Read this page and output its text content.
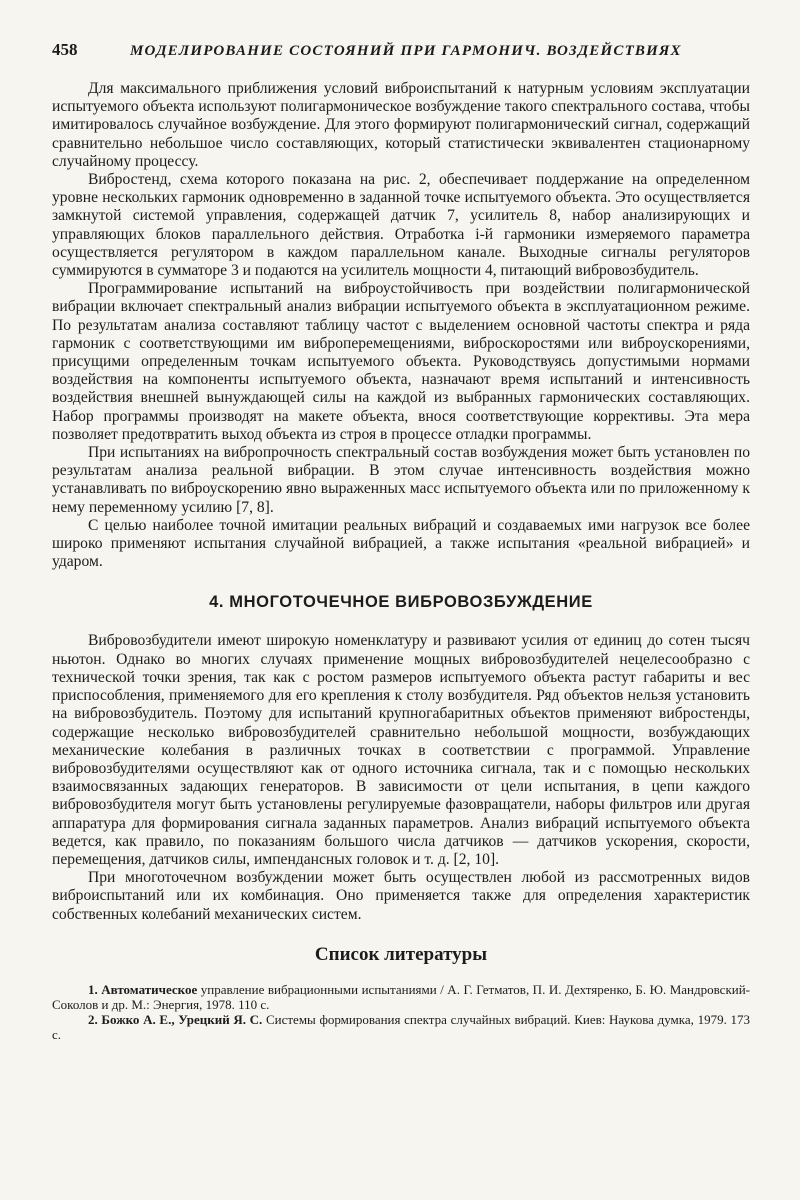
458	МОДЕЛИРОВАНИЕ СОСТОЯНИЙ ПРИ ГАРМОНИЧ. ВОЗДЕЙСТВИЯХ

Для максимального приближения условий виброиспытаний к натурным условиям эксплуатации испытуемого объекта используют полигармоническое возбуждение такого спектрального состава, чтобы имитировалось случайное возбуждение. Для этого формируют полигармонический сигнал, содержащий сравнительно небольшое число составляющих, который статистически эквивалентен стационарному случайному процессу.

Вибростенд, схема которого показана на рис. 2, обеспечивает поддержание на определенном уровне нескольких гармоник одновременно в заданной точке испытуемого объекта. Это осуществляется замкнутой системой управления, содержащей датчик 7, усилитель 8, набор анализирующих и управляющих блоков параллельного действия. Отработка i-й гармоники измеряемого параметра осуществляется регулятором в каждом параллельном канале. Выходные сигналы регуляторов суммируются в сумматоре 3 и подаются на усилитель мощности 4, питающий вибровозбудитель.

Программирование испытаний на виброустойчивость при воздействии полигармонической вибрации включает спектральный анализ вибрации испытуемого объекта в эксплуатационном режиме. По результатам анализа составляют таблицу частот с выделением основной частоты спектра и ряда гармоник с соответствующими им виброперемещениями, виброскоростями или виброускорениями, присущими определенным точкам испытуемого объекта. Руководствуясь допустимыми нормами воздействия на компоненты испытуемого объекта, назначают время испытаний и интенсивность воздействия внешней вынуждающей силы на каждой из выбранных гармонических составляющих. Набор программы производят на макете объекта, внося соответствующие коррективы. Эта мера позволяет предотвратить выход объекта из строя в процессе отладки программы.

При испытаниях на вибропрочность спектральный состав возбуждения может быть установлен по результатам анализа реальной вибрации. В этом случае интенсивность воздействия можно устанавливать по виброускорению явно выраженных масс испытуемого объекта или по приложенному к нему переменному усилию [7, 8].

С целью наиболее точной имитации реальных вибраций и создаваемых ими нагрузок все более широко применяют испытания случайной вибрацией, а также испытания «реальной вибрацией» и ударом.

4. МНОГОТОЧЕЧНОЕ ВИБРОВОЗБУЖДЕНИЕ

Вибровозбудители имеют широкую номенклатуру и развивают усилия от единиц до сотен тысяч ньютон. Однако во многих случаях применение мощных вибровозбудителей нецелесообразно с технической точки зрения, так как с ростом размеров испытуемого объекта растут габариты и вес приспособления, применяемого для его крепления к столу возбудителя. Ряд объектов нельзя установить на вибровозбудитель. Поэтому для испытаний крупногабаритных объектов применяют вибростенды, содержащие несколько вибровозбудителей сравнительно небольшой мощности, возбуждающих механические колебания в различных точках в соответствии с программой. Управление вибровозбудителями осуществляют как от одного источника сигнала, так и с помощью нескольких взаимосвязанных задающих генераторов. В зависимости от цели испытания, в цепи каждого вибровозбудителя могут быть установлены регулируемые фазовращатели, наборы фильтров или другая аппаратура для формирования сигнала заданных параметров. Анализ вибраций испытуемого объекта ведется, как правило, по показаниям большого числа датчиков — датчиков ускорения, скорости, перемещения, датчиков силы, импендансных головок и т. д. [2, 10].

При многоточечном возбуждении может быть осуществлен любой из рассмотренных видов виброиспытаний или их комбинация. Оно применяется также для определения характеристик собственных колебаний механических систем.

Список литературы

1. Автоматическое управление вибрационными испытаниями / А. Г. Гетматов, П. И. Дехтяренко, Б. Ю. Мандровский-Соколов и др. М.: Энергия, 1978. 110 с.

2. Божко А. Е., Урецкий Я. С. Системы формирования спектра случайных вибраций. Киев: Наукова думка, 1979. 173 с.
